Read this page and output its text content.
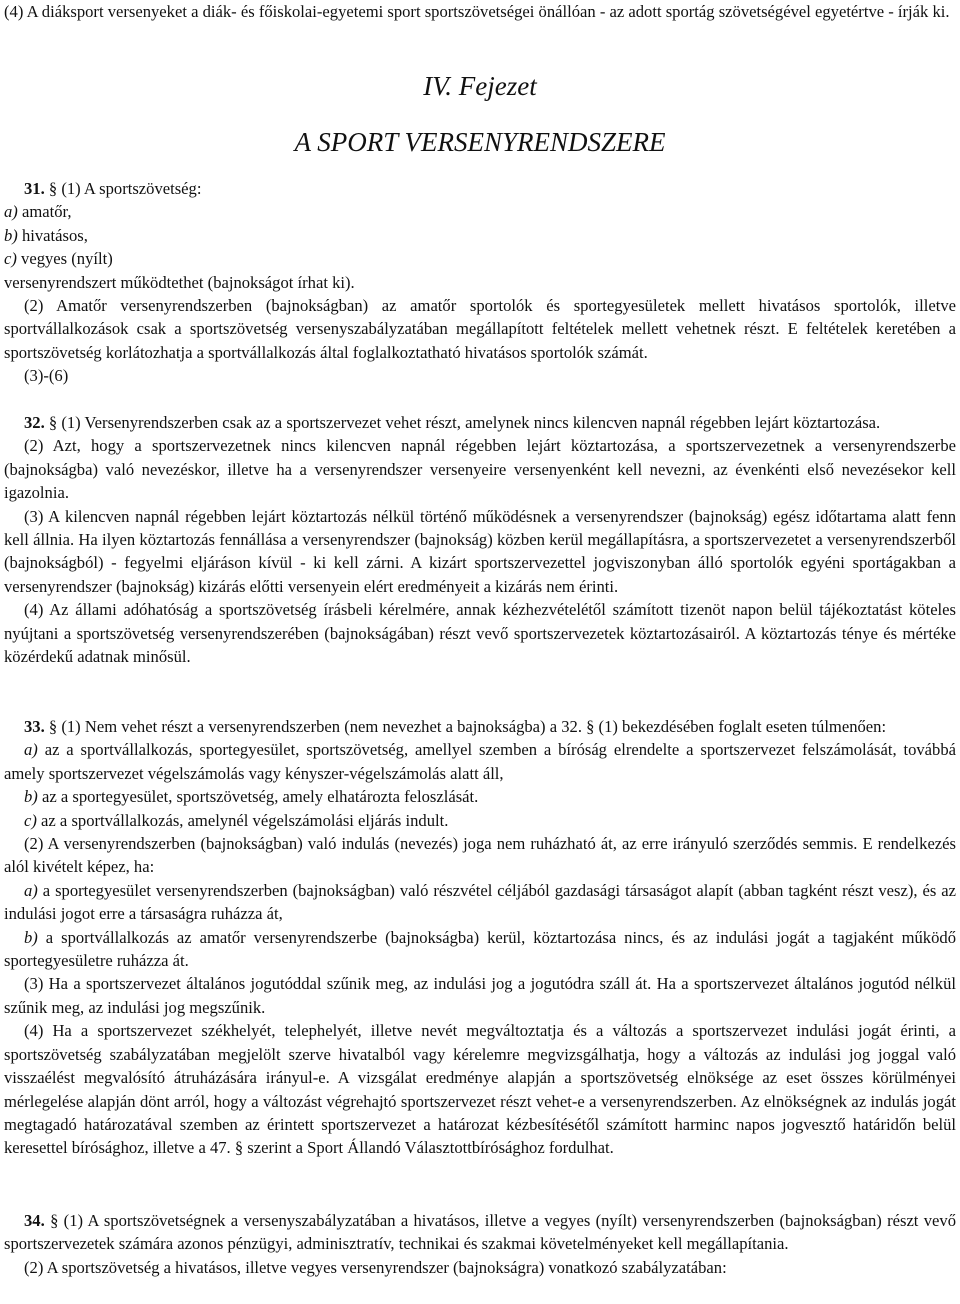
(4) A diáksport versenyeket a diák- és főiskolai-egyetemi sport sportszövetségei önállóan - az adott sportág szövetségével egyetértve - írják ki.

IV. Fejezet
A SPORT VERSENYRENDSZERE

31. § (1) A sportszövetség:

a) amatőr,

b) hivatásos,

c) vegyes (nyílt)

versenyrendszert működtethet (bajnokságot írhat ki).

(2) Amatőr versenyrendszerben (bajnokságban) az amatőr sportolók és sportegyesületek mellett hivatásos sportolók, illetve sportvállalkozások csak a sportszövetség versenyszabályzatában megállapított feltételek mellett vehetnek részt. E feltételek keretében a sportszövetség korlátozhatja a sportvállalkozás által foglalkoztatható hivatásos sportolók számát.

(3)-(6)

32. § (1) Versenyrendszerben csak az a sportszervezet vehet részt, amelynek nincs kilencven napnál régebben lejárt köztartozása.

(2) Azt, hogy a sportszervezetnek nincs kilencven napnál régebben lejárt köztartozása, a sportszervezetnek a versenyrendszerbe (bajnokságba) való nevezéskor, illetve ha a versenyrendszer versenyeire versenyenként kell nevezni, az évenkénti első nevezésekor kell igazolnia.

(3) A kilencven napnál régebben lejárt köztartozás nélkül történő működésnek a versenyrendszer (bajnokság) egész időtartama alatt fenn kell állnia. Ha ilyen köztartozás fennállása a versenyrendszer (bajnokság) közben kerül megállapításra, a sportszervezetet a versenyrendszerből (bajnokságból) - fegyelmi eljáráson kívül - ki kell zárni. A kizárt sportszervezettel jogviszonyban álló sportolók egyéni sportágakban a versenyrendszer (bajnokság) kizárás előtti versenyein elért eredményeit a kizárás nem érinti.

(4) Az állami adóhatóság a sportszövetség írásbeli kérelmére, annak kézhezvételétől számított tizenöt napon belül tájékoztatást köteles nyújtani a sportszövetség versenyrendszerében (bajnokságában) részt vevő sportszervezetek köztartozásairól. A köztartozás ténye és mértéke közérdekű adatnak minősül.

33. § (1) Nem vehet részt a versenyrendszerben (nem nevezhet a bajnokságba) a 32. § (1) bekezdésében foglalt eseten túlmenően:

a) az a sportvállalkozás, sportegyesület, sportszövetség, amellyel szemben a bíróság elrendelte a sportszervezet felszámolását, továbbá amely sportszervezet végelszámolás vagy kényszer-végelszámolás alatt áll,

b) az a sportegyesület, sportszövetség, amely elhatározta feloszlását.

c) az a sportvállalkozás, amelynél végelszámolási eljárás indult.

(2) A versenyrendszerben (bajnokságban) való indulás (nevezés) joga nem ruházható át, az erre irányuló szerződés semmis. E rendelkezés alól kivételt képez, ha:

a) a sportegyesület versenyrendszerben (bajnokságban) való részvétel céljából gazdasági társaságot alapít (abban tagként részt vesz), és az indulási jogot erre a társaságra ruházza át,

b) a sportvállalkozás az amatőr versenyrendszerbe (bajnokságba) kerül, köztartozása nincs, és az indulási jogát a tagjaként működő sportegyesületre ruházza át.

(3) Ha a sportszervezet általános jogutóddal szűnik meg, az indulási jog a jogutódra száll át. Ha a sportszervezet általános jogutód nélkül szűnik meg, az indulási jog megszűnik.

(4) Ha a sportszervezet székhelyét, telephelyét, illetve nevét megváltoztatja és a változás a sportszervezet indulási jogát érinti, a sportszövetség szabályzatában megjelölt szerve hivatalból vagy kérelemre megvizsgálhatja, hogy a változás az indulási jog joggal való visszaélést megvalósító átruházására irányul-e. A vizsgálat eredménye alapján a sportszövetség elnöksége az eset összes körülményei mérlegelése alapján dönt arról, hogy a változást végrehajtó sportszervezet részt vehet-e a versenyrendszerben. Az elnökségnek az indulás jogát megtagadó határozatával szemben az érintett sportszervezet a határozat kézbesítésétől számított harminc napos jogvesztő határidőn belül keresettel bírósághoz, illetve a 47. § szerint a Sport Állandó Választottbírósághoz fordulhat.

34. § (1) A sportszövetségnek a versenyszabályzatában a hivatásos, illetve a vegyes (nyílt) versenyrendszerben (bajnokságban) részt vevő sportszervezetek számára azonos pénzügyi, adminisztratív, technikai és szakmai követelményeket kell megállapítania.

(2) A sportszövetség a hivatásos, illetve vegyes versenyrendszer (bajnokságra) vonatkozó szabályzatában:
